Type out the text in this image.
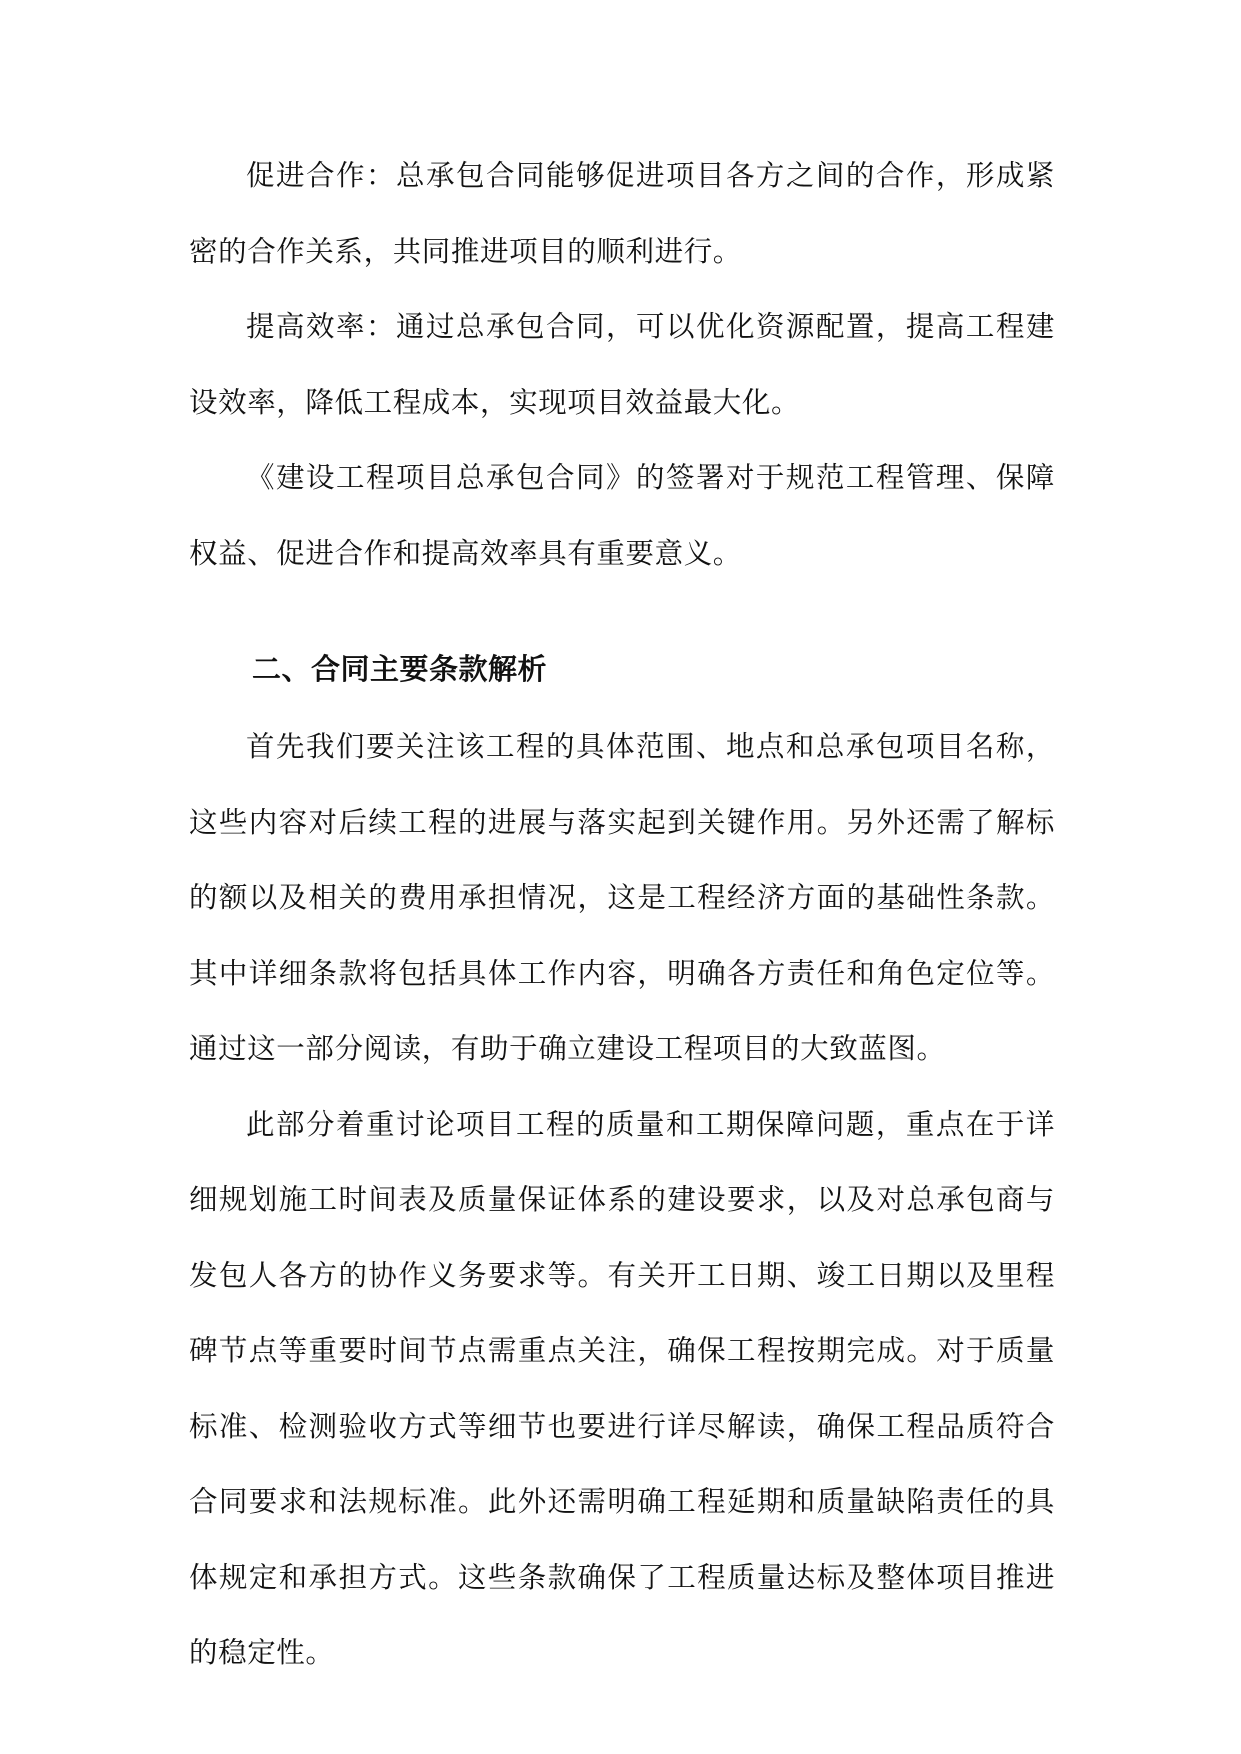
促进合作：总承包合同能够促进项目各方之间的合作，形成紧密的合作关系，共同推进项目的顺利进行。

提高效率：通过总承包合同，可以优化资源配置，提高工程建设效率，降低工程成本，实现项目效益最大化。

《建设工程项目总承包合同》的签署对于规范工程管理、保障权益、促进合作和提高效率具有重要意义。

二、合同主要条款解析

首先我们要关注该工程的具体范围、地点和总承包项目名称，这些内容对后续工程的进展与落实起到关键作用。另外还需了解标的额以及相关的费用承担情况，这是工程经济方面的基础性条款。其中详细条款将包括具体工作内容，明确各方责任和角色定位等。通过这一部分阅读，有助于确立建设工程项目的大致蓝图。

此部分着重讨论项目工程的质量和工期保障问题，重点在于详细规划施工时间表及质量保证体系的建设要求，以及对总承包商与发包人各方的协作义务要求等。有关开工日期、竣工日期以及里程碑节点等重要时间节点需重点关注，确保工程按期完成。对于质量标准、检测验收方式等细节也要进行详尽解读，确保工程品质符合合同要求和法规标准。此外还需明确工程延期和质量缺陷责任的具体规定和承担方式。这些条款确保了工程质量达标及整体项目推进的稳定性。
